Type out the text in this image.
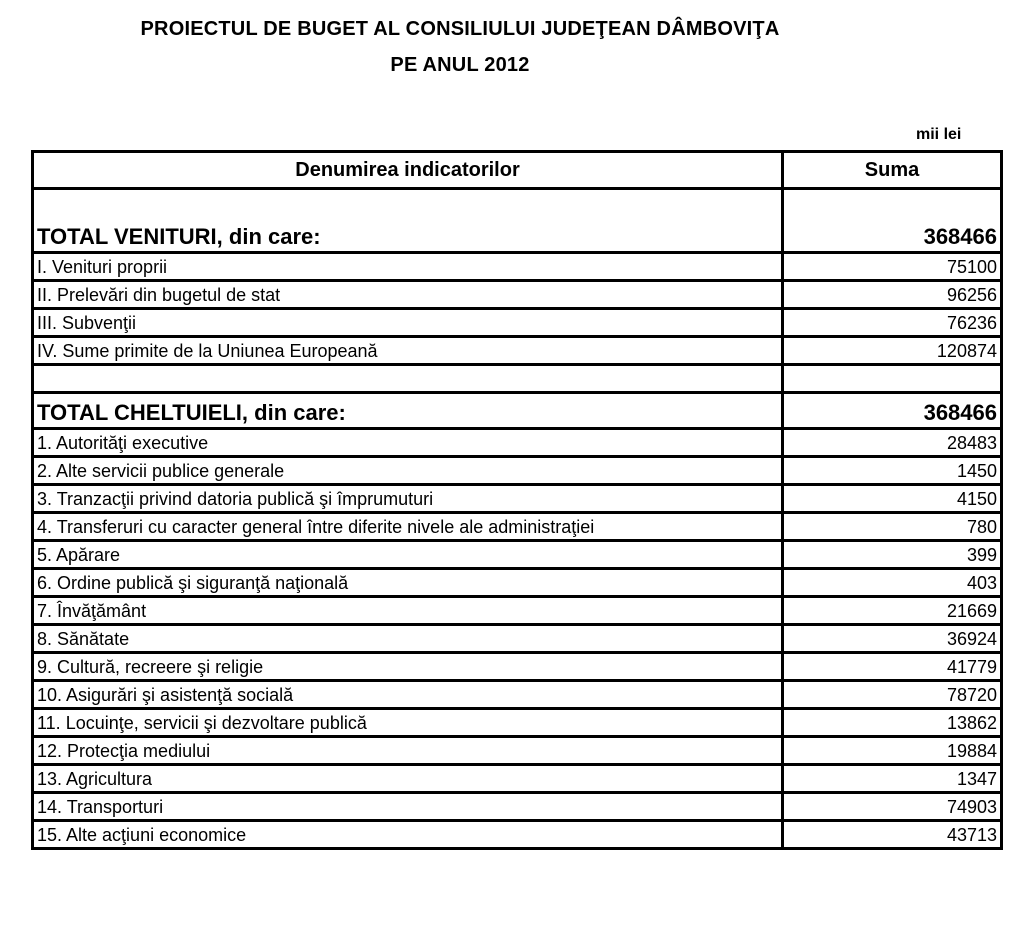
PROIECTUL DE BUGET AL CONSILIULUI JUDEŢEAN DÂMBOVIŢA
PE ANUL 2012
mii lei
Denumirea indicatorilor	Suma
TOTAL VENITURI, din care:	368466
I. Venituri proprii	75100
II. Prelevări din bugetul de stat	96256
III. Subvenţii	76236
IV. Sume primite de la Uniunea Europeană	120874

TOTAL CHELTUIELI, din care:	368466
1. Autorităţi executive	28483
2. Alte servicii publice generale	1450
3. Tranzacţii privind datoria publică şi împrumuturi	4150
4. Transferuri cu caracter general între diferite nivele ale administraţiei	780
5. Apărare	399
6. Ordine publică şi siguranţă naţională	403
7. Învăţământ	21669
8. Sănătate	36924
9. Cultură, recreere şi religie	41779
10. Asigurări şi asistenţă socială	78720
11. Locuinţe, servicii şi dezvoltare publică	13862
12. Protecţia mediului	19884
13. Agricultura	1347
14. Transporturi	74903
15. Alte acţiuni economice	43713
